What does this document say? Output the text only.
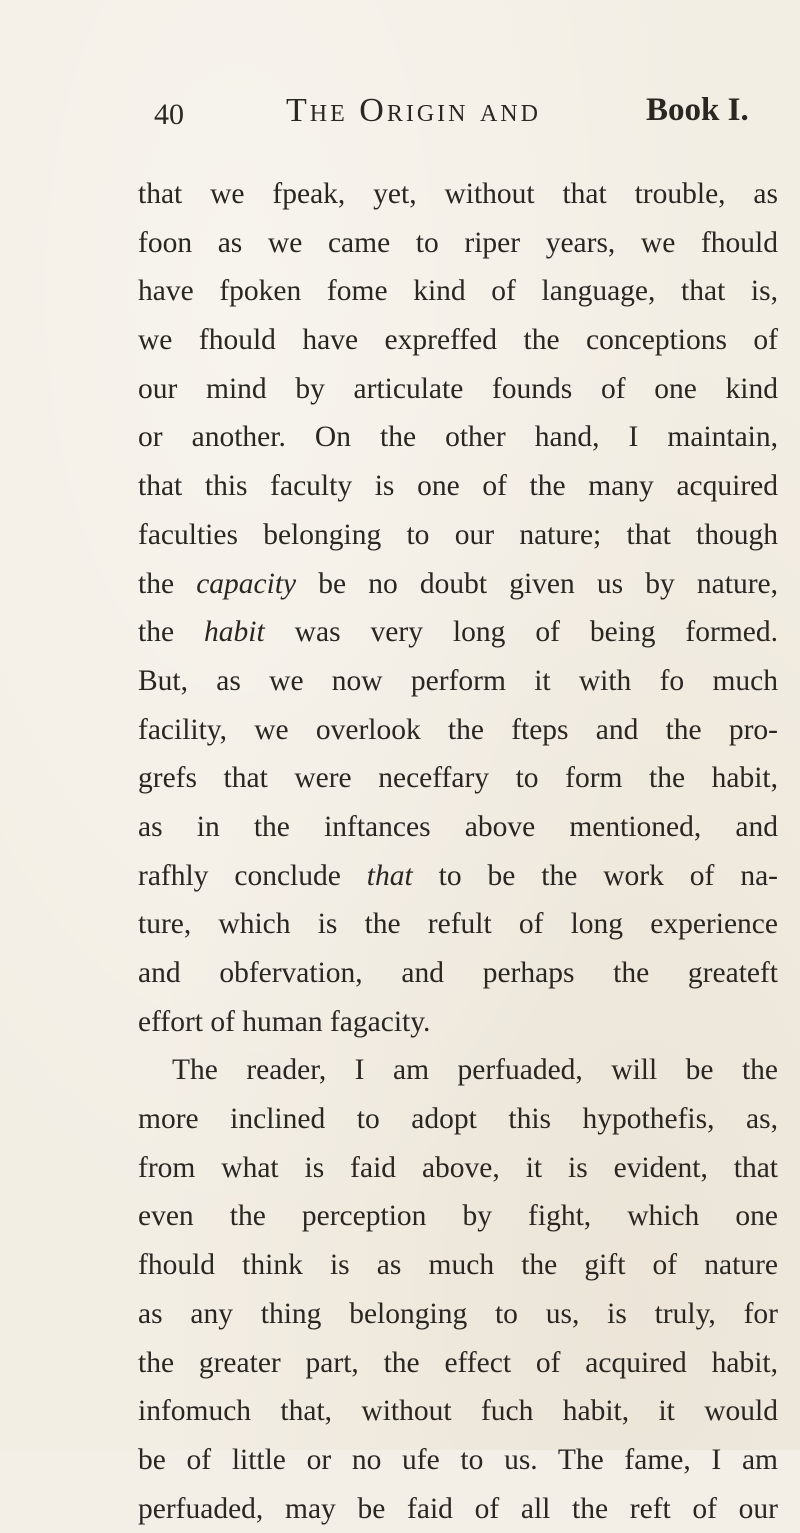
40	The Origin and	Book I.
that we fpeak, yet, without that trouble, as
foon as we came to riper years, we fhould
have fpoken fome kind of language, that is,
we fhould have expreffed the conceptions of
our mind by articulate founds of one kind
or another. On the other hand, I maintain,
that this faculty is one of the many acquired
faculties belonging to our nature; that though
the capacity be no doubt given us by nature,
the habit was very long of being formed.
But, as we now perform it with fo much
facility, we overlook the fteps and the pro-
grefs that were neceffary to form the habit,
as in the inftances above mentioned, and
rafhly conclude that to be the work of na-
ture, which is the refult of long experience
and obfervation, and perhaps the greateft
effort of human fagacity.
The reader, I am perfuaded, will be the
more inclined to adopt this hypothefis, as,
from what is faid above, it is evident, that
even the perception by fight, which one
fhould think is as much the gift of nature
as any thing belonging to us, is truly, for
the greater part, the effect of acquired habit,
infomuch that, without fuch habit, it would
be of little or no ufe to us. The fame, I am
perfuaded, may be faid of all the reft of our
